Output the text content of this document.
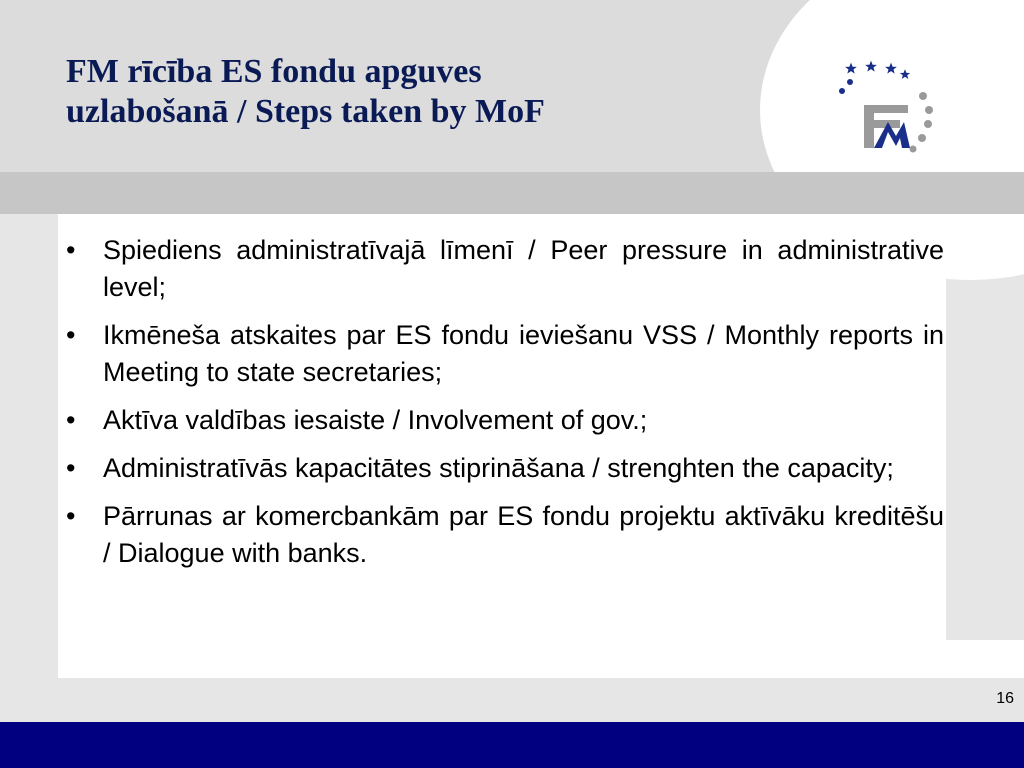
FM rīcība ES fondu apguves
uzlabošanā / Steps taken by MoF
• Spiediens administratīvajā līmenī / Peer pressure in administrative level;
• Ikmēneša atskaites par ES fondu ieviešanu VSS / Monthly reports in Meeting to state secretaries;
• Aktīva valdības iesaiste / Involvement of gov.;
• Administratīvās kapacitātes stiprināšana / strenghten the capacity;
• Pārrunas ar komercbankām par ES fondu projektu aktīvāku kreditēšu / Dialogue with banks.
16
